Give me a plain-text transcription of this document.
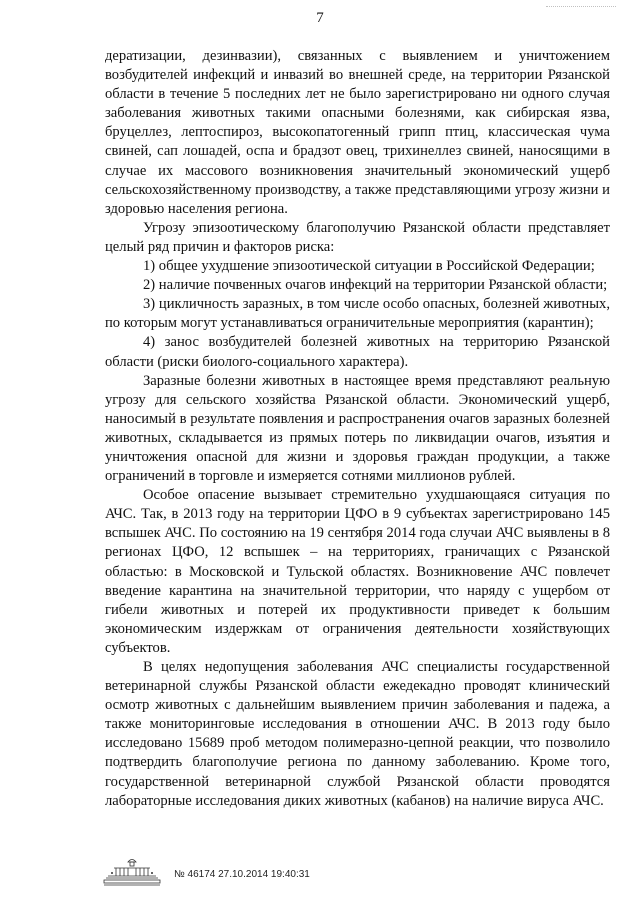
7

дератизации, дезинвазии), связанных с выявлением и уничтожением возбудителей инфекций и инвазий во внешней среде, на территории Рязанской области в течение 5 последних лет не было зарегистрировано ни одного случая заболевания животных такими опасными болезнями, как сибирская язва, бруцеллез, лептоспироз, высокопатогенный грипп птиц, классическая чума свиней, сап лошадей, оспа и брадзот овец, трихинеллез свиней, наносящими в случае их массового возникновения значительный экономический ущерб сельскохозяйственному производству, а также представляющими угрозу жизни и здоровью населения региона.

Угрозу эпизоотическому благополучию Рязанской области представляет целый ряд причин и факторов риска:

1) общее ухудшение эпизоотической ситуации в Российской Федерации;

2) наличие почвенных очагов инфекций на территории Рязанской области;

3) цикличность заразных, в том числе особо опасных, болезней животных, по которым могут устанавливаться ограничительные мероприятия (карантин);

4) занос возбудителей болезней животных на территорию Рязанской области (риски биолого-социального характера).

Заразные болезни животных в настоящее время представляют реальную угрозу для сельского хозяйства Рязанской области. Экономический ущерб, наносимый в результате появления и распространения очагов заразных болезней животных, складывается из прямых потерь по ликвидации очагов, изъятия и уничтожения опасной для жизни и здоровья граждан продукции, а также ограничений в торговле и измеряется сотнями миллионов рублей.

Особое опасение вызывает стремительно ухудшающаяся ситуация по АЧС. Так, в 2013 году на территории ЦФО в 9 субъектах зарегистрировано 145 вспышек АЧС. По состоянию на 19 сентября 2014 года случаи АЧС выявлены в 8 регионах ЦФО, 12 вспышек – на территориях, граничащих с Рязанской областью: в Московской и Тульской областях. Возникновение АЧС повлечет введение карантина на значительной территории, что наряду с ущербом от гибели животных и потерей их продуктивности приведет к большим экономическим издержкам от ограничения деятельности хозяйствующих субъектов.

В целях недопущения заболевания АЧС специалисты государственной ветеринарной службы Рязанской области ежедекадно проводят клинический осмотр животных с дальнейшим выявлением причин заболевания и падежа, а также мониторинговые исследования в отношении АЧС. В 2013 году было исследовано 15689 проб методом полимеразно-цепной реакции, что позволило подтвердить благополучие региона по данному заболеванию. Кроме того, государственной ветеринарной службой Рязанской области проводятся лабораторные исследования диких животных (кабанов) на наличие вируса АЧС.

№ 46174 27.10.2014 19:40:31
